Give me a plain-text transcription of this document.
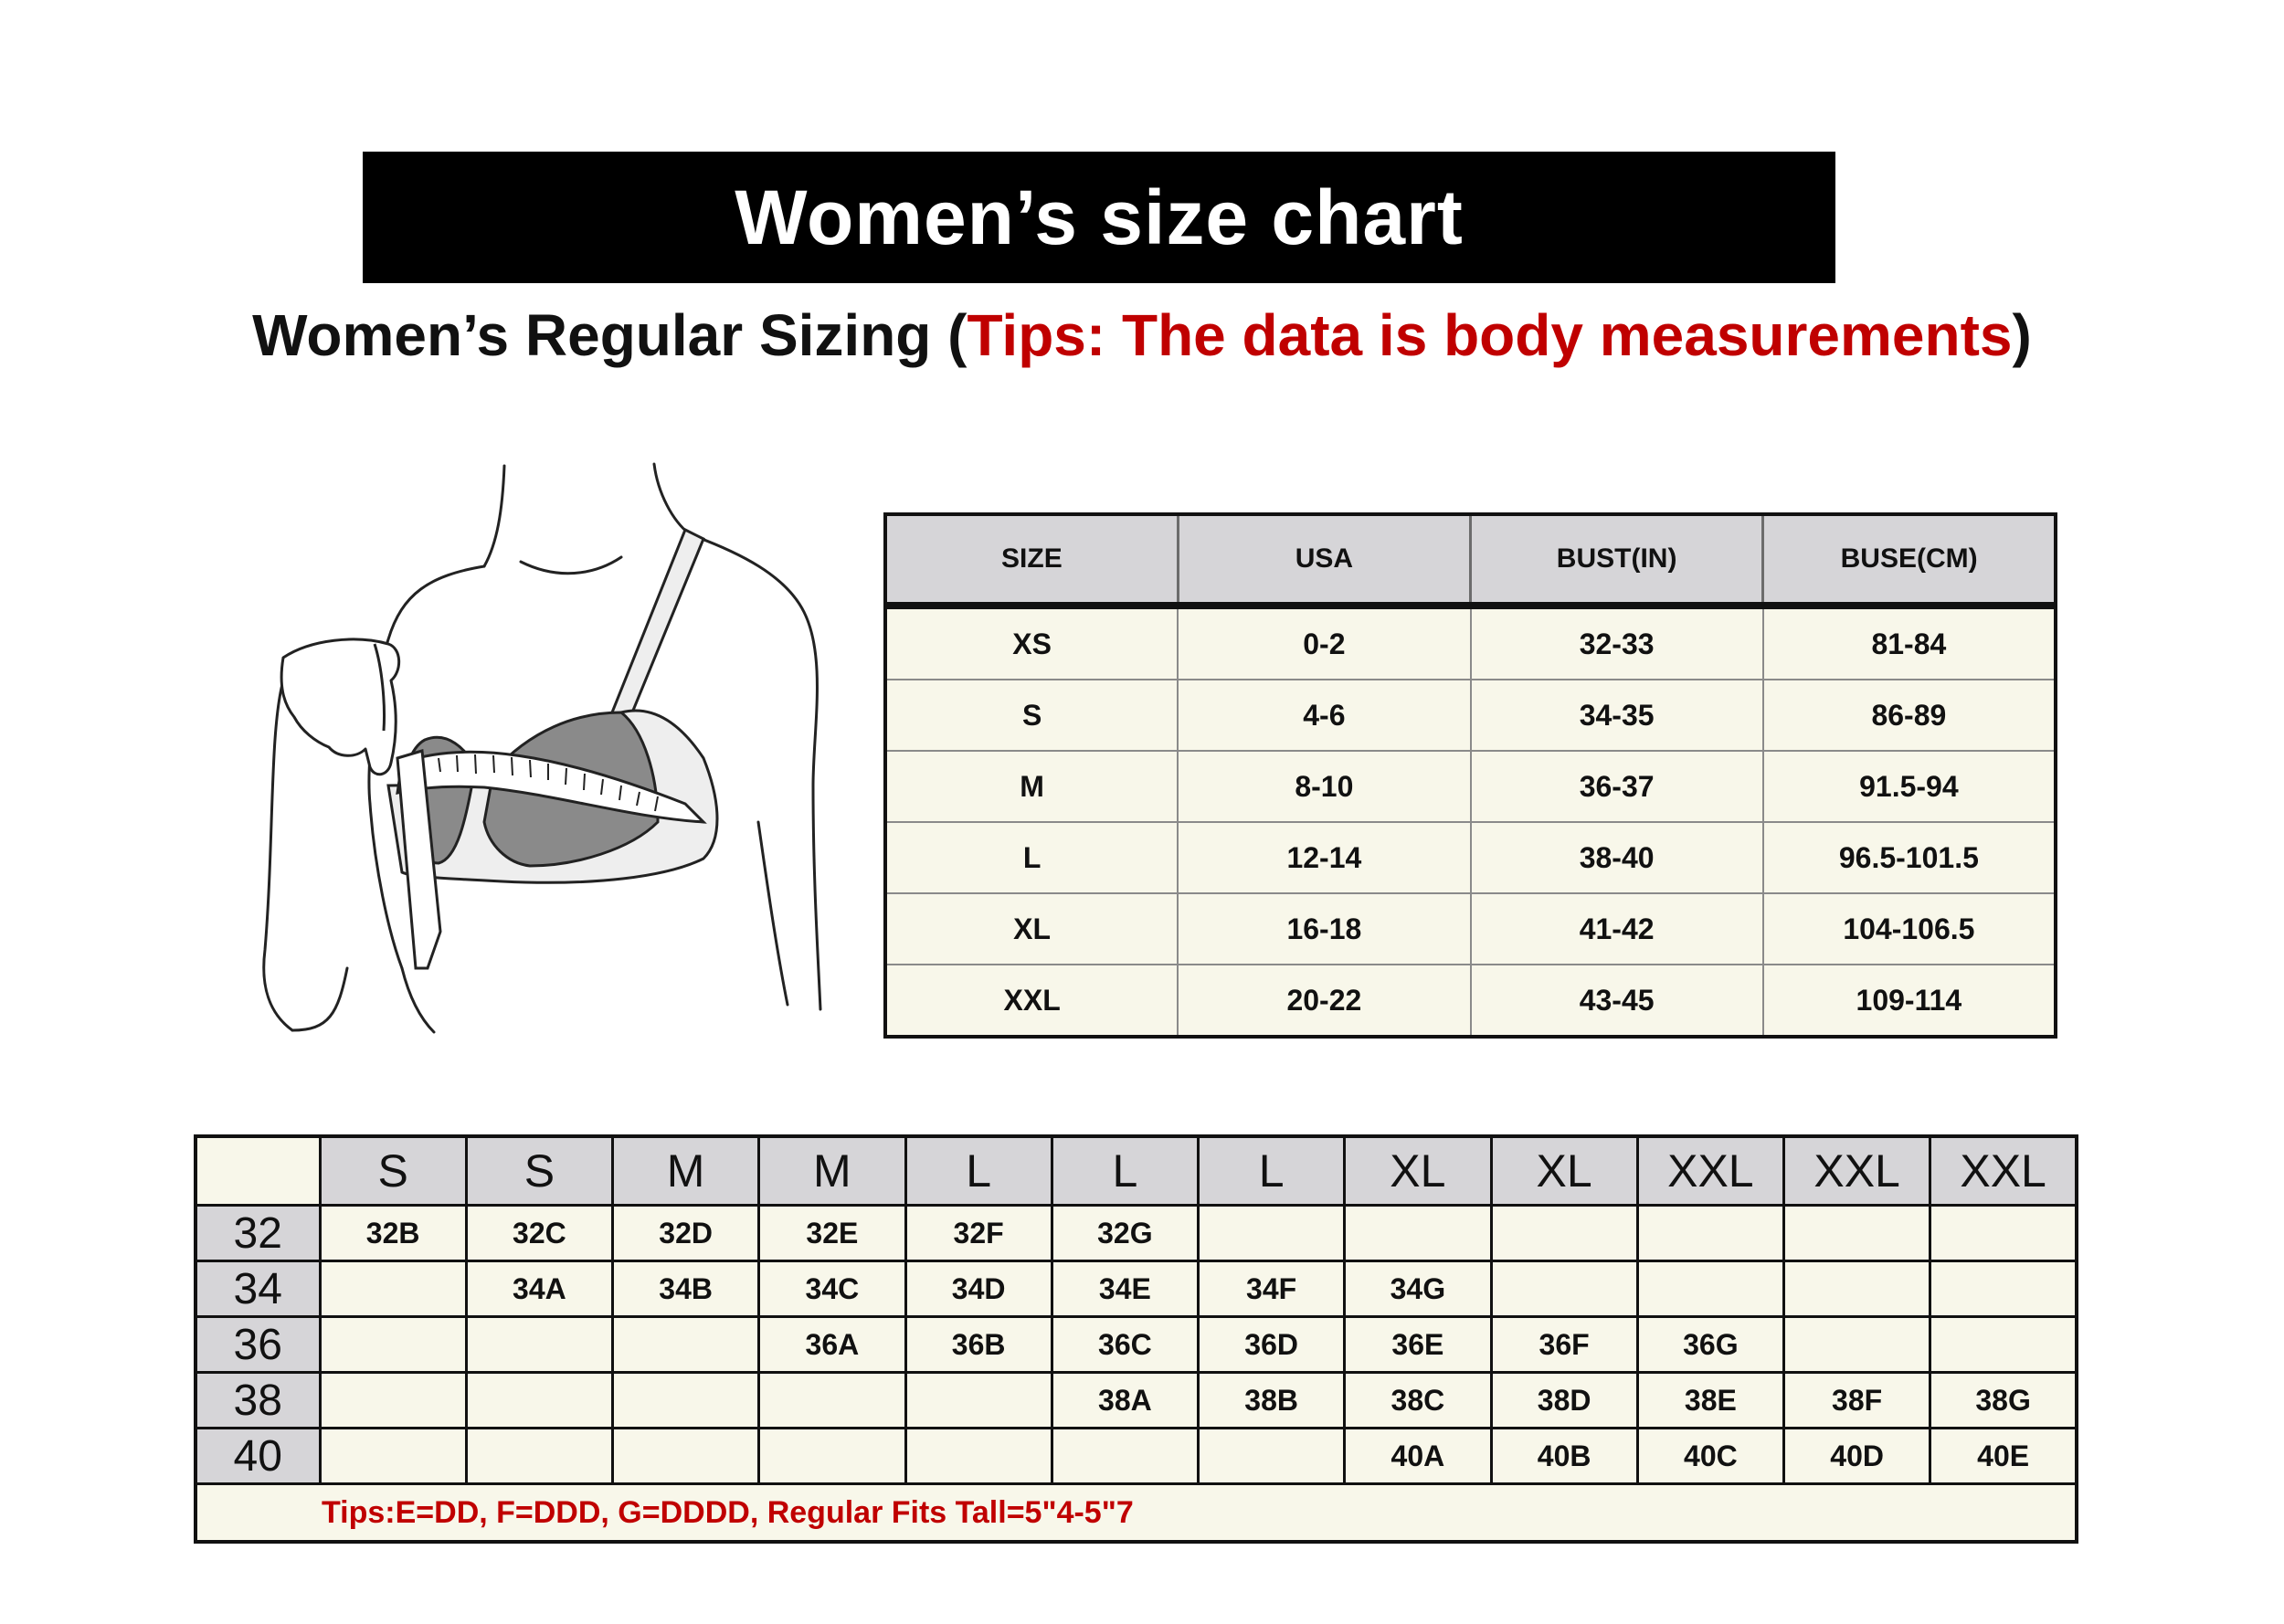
Women’s size chart
Women’s Regular Sizing (Tips: The data is body measurements)
SIZE	USA	BUST(IN)	BUSE(CM)
XS	0-2	32-33	81-84
S	4-6	34-35	86-89
M	8-10	36-37	91.5-94
L	12-14	38-40	96.5-101.5
XL	16-18	41-42	104-106.5
XXL	20-22	43-45	109-114
	S	S	M	M	L	L	L	XL	XL	XXL	XXL	XXL
32	32B	32C	32D	32E	32F	32G						
34		34A	34B	34C	34D	34E	34F	34G				
36				36A	36B	36C	36D	36E	36F	36G		
38						38A	38B	38C	38D	38E	38F	38G
40								40A	40B	40C	40D	40E
Tips:E=DD, F=DDD, G=DDDD, Regular Fits Tall=5"4-5"7												
